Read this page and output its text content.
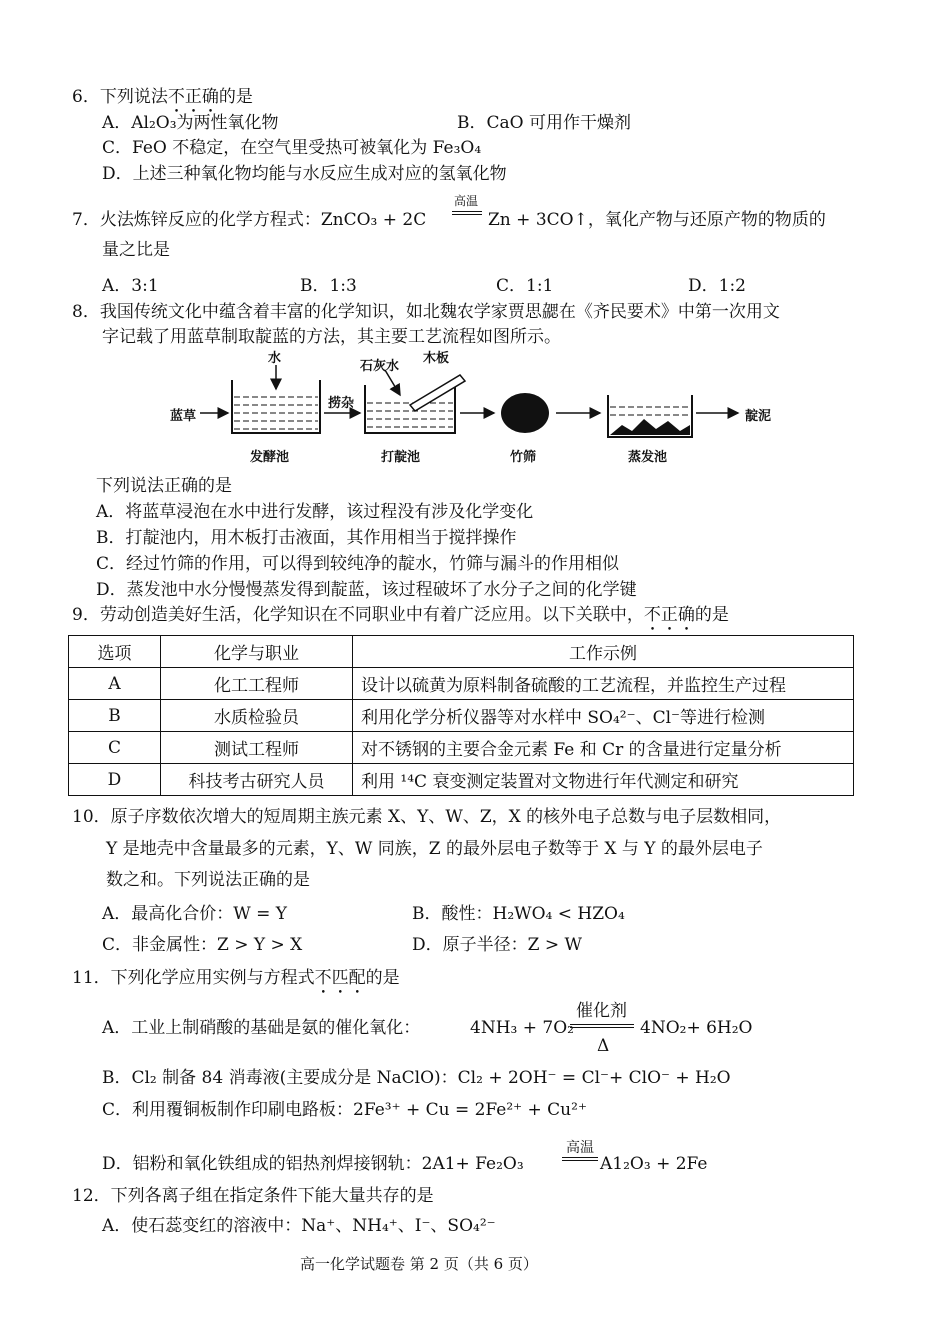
6．下列说法不正确的是
A．Al₂O₃为两性氧化物	B．CaO 可用作干燥剂
C．FeO 不稳定，在空气里受热可被氧化为 Fe₃O₄
D．上述三种氧化物均能与水反应生成对应的氢氧化物
7．火法炼锌反应的化学方程式：ZnCO₃ + 2C
高温
Zn + 3CO↑，氧化产物与还原产物的物质的
量之比是
A．3:1	B．1:3	C．1:1	D．1:2
8．我国传统文化中蕴含着丰富的化学知识，如北魏农学家贾思勰在《齐民要术》中第一次用文
字记载了用蓝草制取靛蓝的方法，其主要工艺流程如图所示。
水
石灰水
木板
蓝草
捞杂
发酵池	打靛池	竹筛	蒸发池
靛泥
下列说法正确的是
A．将蓝草浸泡在水中进行发酵，该过程没有涉及化学变化
B．打靛池内，用木板打击液面，其作用相当于搅拌操作
C．经过竹筛的作用，可以得到较纯净的靛水，竹筛与漏斗的作用相似
D．蒸发池中水分慢慢蒸发得到靛蓝，该过程破坏了水分子之间的化学键
9．劳动创造美好生活，化学知识在不同职业中有着广泛应用。以下关联中，不正确的是
选项	化学与职业	工作示例
A	化工工程师	设计以硫黄为原料制备硫酸的工艺流程，并监控生产过程
B	水质检验员	利用化学分析仪器等对水样中 SO₄²⁻、Cl⁻等进行检测
C	测试工程师	对不锈钢的主要合金元素 Fe 和 Cr 的含量进行定量分析
D	科技考古研究人员	利用 ¹⁴C 衰变测定装置对文物进行年代测定和研究
10．原子序数依次增大的短周期主族元素 X、Y、W、Z，X 的核外电子总数与电子层数相同，
Y 是地壳中含量最多的元素，Y、W 同族，Z 的最外层电子数等于 X 与 Y 的最外层电子
数之和。下列说法正确的是
A．最高化合价：W = Y	B．酸性：H₂WO₄ < HZO₄
C．非金属性：Z > Y > X	D．原子半径：Z > W
11．下列化学应用实例与方程式不匹配的是
A．工业上制硝酸的基础是氨的催化氧化：	4NH₃ + 7O₂
催化剂
Δ
4NO₂+ 6H₂O
B．Cl₂ 制备 84 消毒液(主要成分是 NaClO)：Cl₂ + 2OH⁻ = Cl⁻+ ClO⁻ + H₂O
C．利用覆铜板制作印刷电路板：2Fe³⁺ + Cu = 2Fe²⁺ + Cu²⁺
D．铝粉和氧化铁组成的铝热剂焊接钢轨：2A1+ Fe₂O₃
高温
A1₂O₃ + 2Fe
12．下列各离子组在指定条件下能大量共存的是
A．使石蕊变红的溶液中：Na⁺、NH₄⁺、I⁻、SO₄²⁻
高一化学试题卷 第 2 页（共 6 页）
